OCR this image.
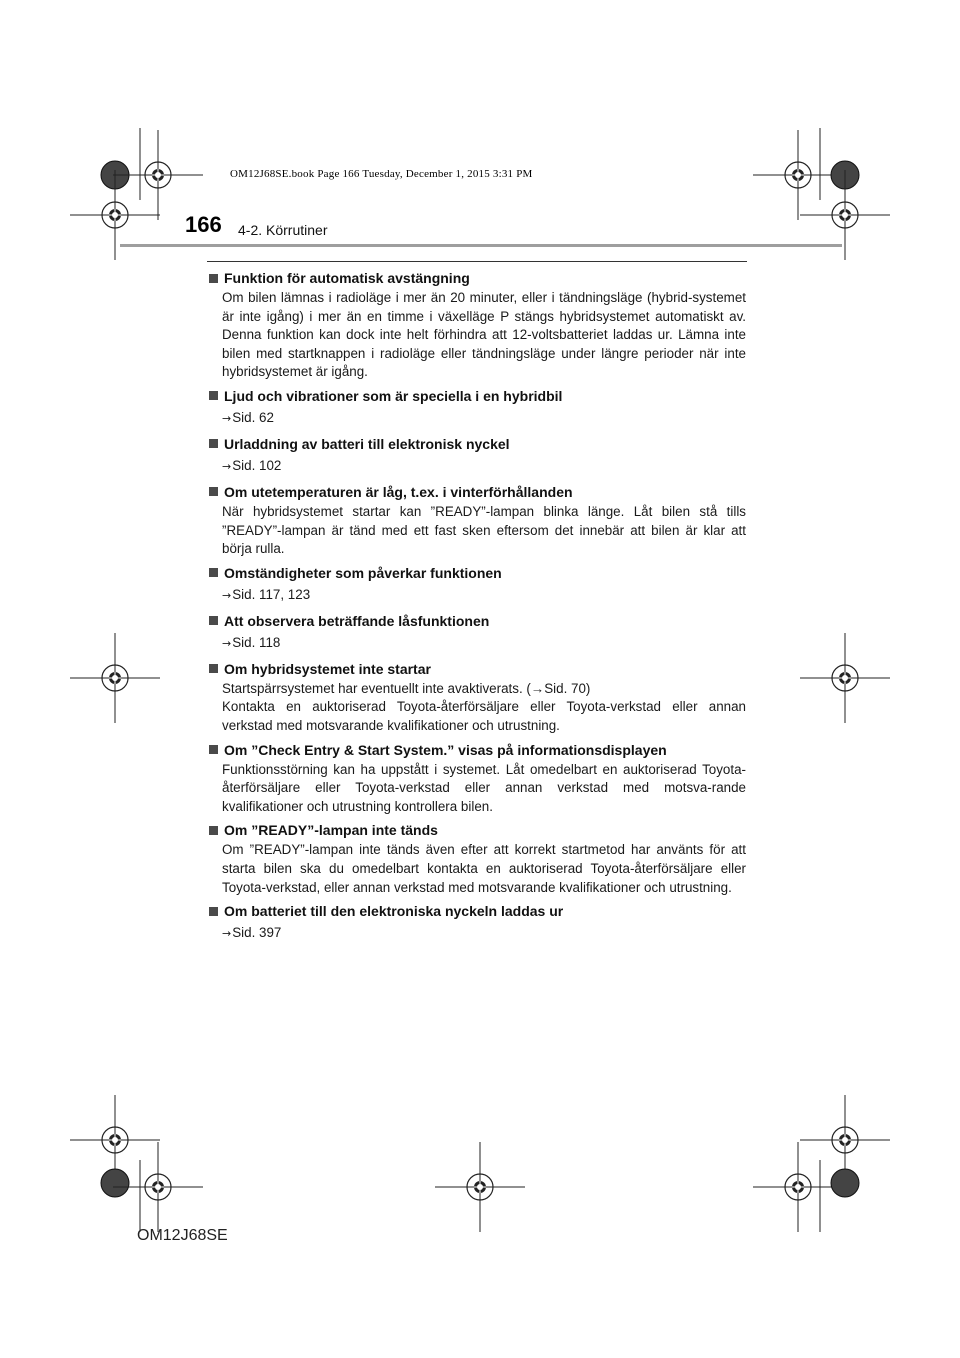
OM12J68SE.book Page 166 Tuesday, December 1, 2015 3:31 PM
166 4-2. Körrutiner
Funktion för automatisk avstängning

Om bilen lämnas i radioläge i mer än 20 minuter, eller i tändningsläge (hybrid-systemet är inte igång) i mer än en timme i växelläge P stängs hybridsystemet automatiskt av. Denna funktion kan dock inte helt förhindra att 12-voltsbatteriet laddas ur. Lämna inte bilen med startknappen i radioläge eller tändningsläge under längre perioder när inte hybridsystemet är igång.

Ljud och vibrationer som är speciella i en hybridbil
→Sid. 62
Urladdning av batteri till elektronisk nyckel
→Sid. 102
Om utetemperaturen är låg, t.ex. i vinterförhållanden

När hybridsystemet startar kan ”READY”-lampan blinka länge. Låt bilen stå tills ”READY”-lampan är tänd med ett fast sken eftersom det innebär att bilen är klar att börja rulla.

Omständigheter som påverkar funktionen
→Sid. 117, 123
Att observera beträffande låsfunktionen
→Sid. 118
Om hybridsystemet inte startar

Startspärrsystemet har eventuellt inte avaktiverats. (→Sid. 70)

Kontakta en auktoriserad Toyota-återförsäljare eller Toyota-verkstad eller annan verkstad med motsvarande kvalifikationer och utrustning.

Om ”Check Entry & Start System.” visas på informationsdisplayen

Funktionsstörning kan ha uppstått i systemet. Låt omedelbart en auktoriserad Toyota-återförsäljare eller Toyota-verkstad eller annan verkstad med motsva-rande kvalifikationer och utrustning kontrollera bilen.

Om ”READY”-lampan inte tänds

Om ”READY”-lampan inte tänds även efter att korrekt startmetod har använts för att starta bilen ska du omedelbart kontakta en auktoriserad Toyota-återförsäljare eller Toyota-verkstad, eller annan verkstad med motsvarande kvalifikationer och utrustning.

Om batteriet till den elektroniska nyckeln laddas ur
→Sid. 397
OM12J68SE
